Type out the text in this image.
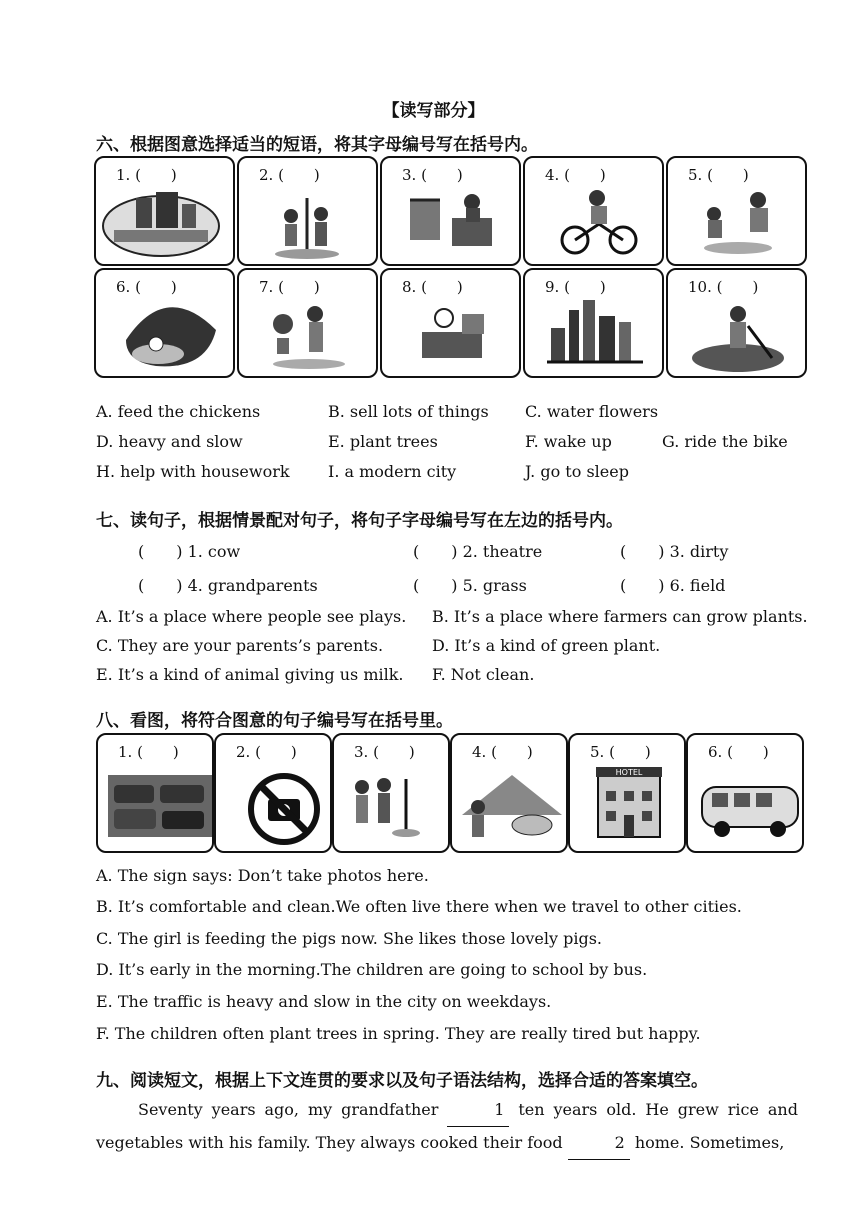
【读写部分】
六、根据图意选择适当的短语，将其字母编号写在括号内。
1. (　　)	2. (　　)	3. (　　)	4. (　　)	5. (　　)
6. (　　)	7. (　　)	8. (　　)	9. (　　)	10. (　　)
A. feed the chickens	B. sell lots of things C. water flowers
D. heavy and slow	E. plant trees	F. wake up	G. ride the bike
H. help with housework I. a modern city	J. go to sleep
七、读句子，根据情景配对句子，将句子字母编号写在左边的括号内。
(　　) 1. cow	(　　) 2. theatre	(　　) 3. dirty
(　　) 4. grandparents	(　　) 5. grass	(　　) 6. field
A. It’s a place where people see plays. B. It’s a place where farmers can grow plants.
C. They are your parents’s parents.	D. It’s a kind of green plant.
E. It’s a kind of animal giving us milk. F. Not clean.
八、看图，将符合图意的句子编号写在括号里。
1. (　　)	2. (　　)	3. (　　)	4. (　　)
HOTEL
5. (　　)	6. (　　)
A. The sign says: Don’t take photos here.
B. It’s comfortable and clean.We often live there when we travel to other cities.
C. The girl is feeding the pigs now. She likes those lovely pigs.
D. It’s early in the morning.The children are going to school by bus.
E. The traffic is heavy and slow in the city on weekdays.
F. The children often plant trees in spring. They are really tired but happy.
九、阅读短文，根据上下文连贯的要求以及句子语法结构，选择合适的答案填空。
Seventy years ago, my grandfather	1 ten years old. He grew rice and vegetables with his family. They always cooked their food	2 home. Sometimes,
